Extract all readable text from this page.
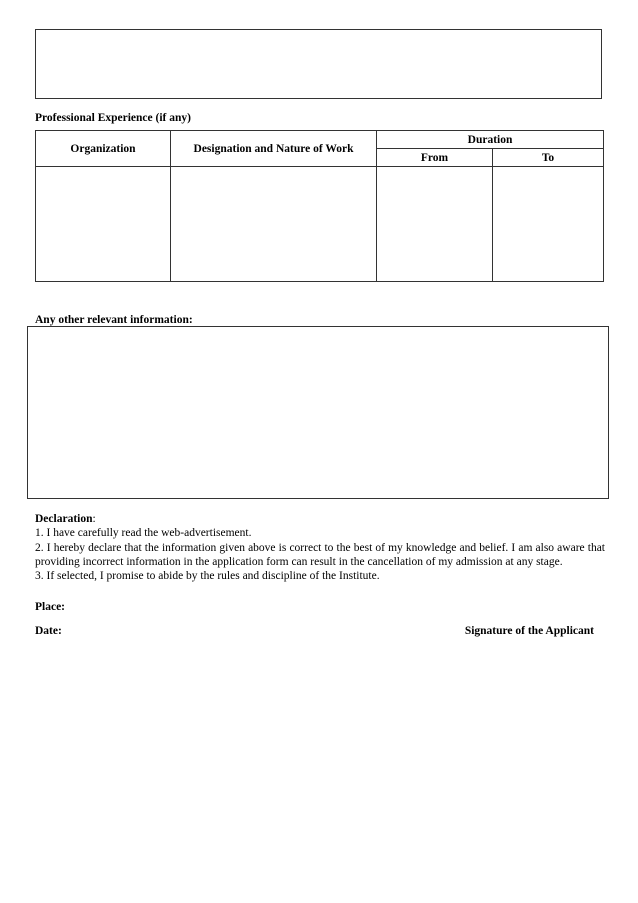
Professional Experience (if any)
Organization	Designation and Nature of Work	Duration	
		From	To

Any other relevant information:

Declaration:

1. I have carefully read the web-advertisement.

2. I hereby declare that the information given above is correct to the best of my knowledge and belief. I am also aware that providing incorrect information in the application form can result in the cancellation of my admission at any stage.

3. If selected, I promise to abide by the rules and discipline of the Institute.

Place:
Date:	Signature of the Applicant
